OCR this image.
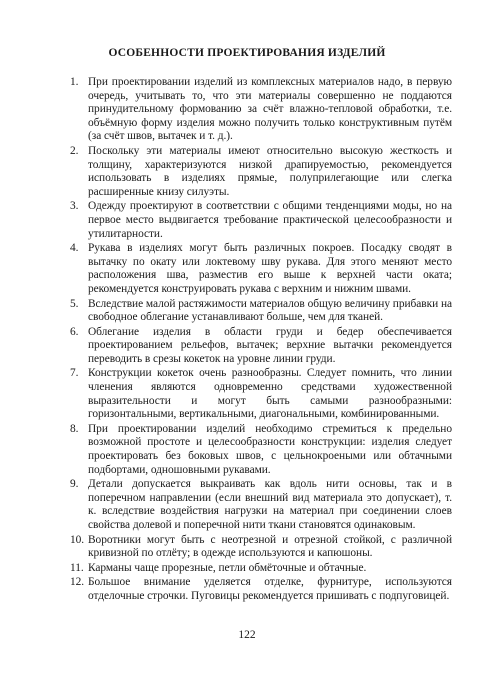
ОСОБЕННОСТИ ПРОЕКТИРОВАНИЯ ИЗДЕЛИЙ
1. При проектировании изделий из комплексных материалов надо, в первую очередь, учитывать то, что эти материалы совершенно не поддаются принудительному формованию за счёт влажно-тепловой обработки, т.е. объёмную форму изделия можно получить только конструктивным путём (за счёт швов, вытачек и т. д.).
2. Поскольку эти материалы имеют относительно высокую жесткость и толщину, характеризуются низкой драпируемостью, рекомендуется использовать в изделиях прямые, полуприлегающие или слегка расширенные книзу силуэты.
3. Одежду проектируют в соответствии с общими тенденциями моды, но на первое место выдвигается требование практической целесообразности и утилитарности.
4. Рукава в изделиях могут быть различных покроев. Посадку сводят в вытачку по окату или локтевому шву рукава. Для этого меняют место расположения шва, разместив его выше к верхней части оката; рекомендуется конструировать рукава с верхним и нижним швами.
5. Вследствие малой растяжимости материалов общую величину прибавки на свободное облегание устанавливают больше, чем для тканей.
6. Облегание изделия в области груди и бедер обеспечивается проектированием рельефов, вытачек; верхние вытачки рекомендуется переводить в срезы кокеток на уровне линии груди.
7. Конструкции кокеток очень разнообразны. Следует помнить, что линии членения являются одновременно средствами художественной выразительности и могут быть самыми разнообразными: горизонтальными, вертикальными, диагональными, комбинированными.
8. При проектировании изделий необходимо стремиться к предельно возможной простоте и целесообразности конструкции: изделия следует проектировать без боковых швов, с цельнокроеными или обтачными подбортами, одношовными рукавами.
9. Детали допускается выкраивать как вдоль нити основы, так и в поперечном направлении (если внешний вид материала это допускает), т. к. вследствие воздействия нагрузки на материал при соединении слоев свойства долевой и поперечной нити ткани становятся одинаковым.
10. Воротники могут быть с неотрезной и отрезной стойкой, с различной кривизной по отлёту; в одежде используются и капюшоны.
11. Карманы чаще прорезные, петли обмёточные и обтачные.
12. Большое внимание уделяется отделке, фурнитуре, используются отделочные строчки. Пуговицы рекомендуется пришивать с подпуговицей.
122
